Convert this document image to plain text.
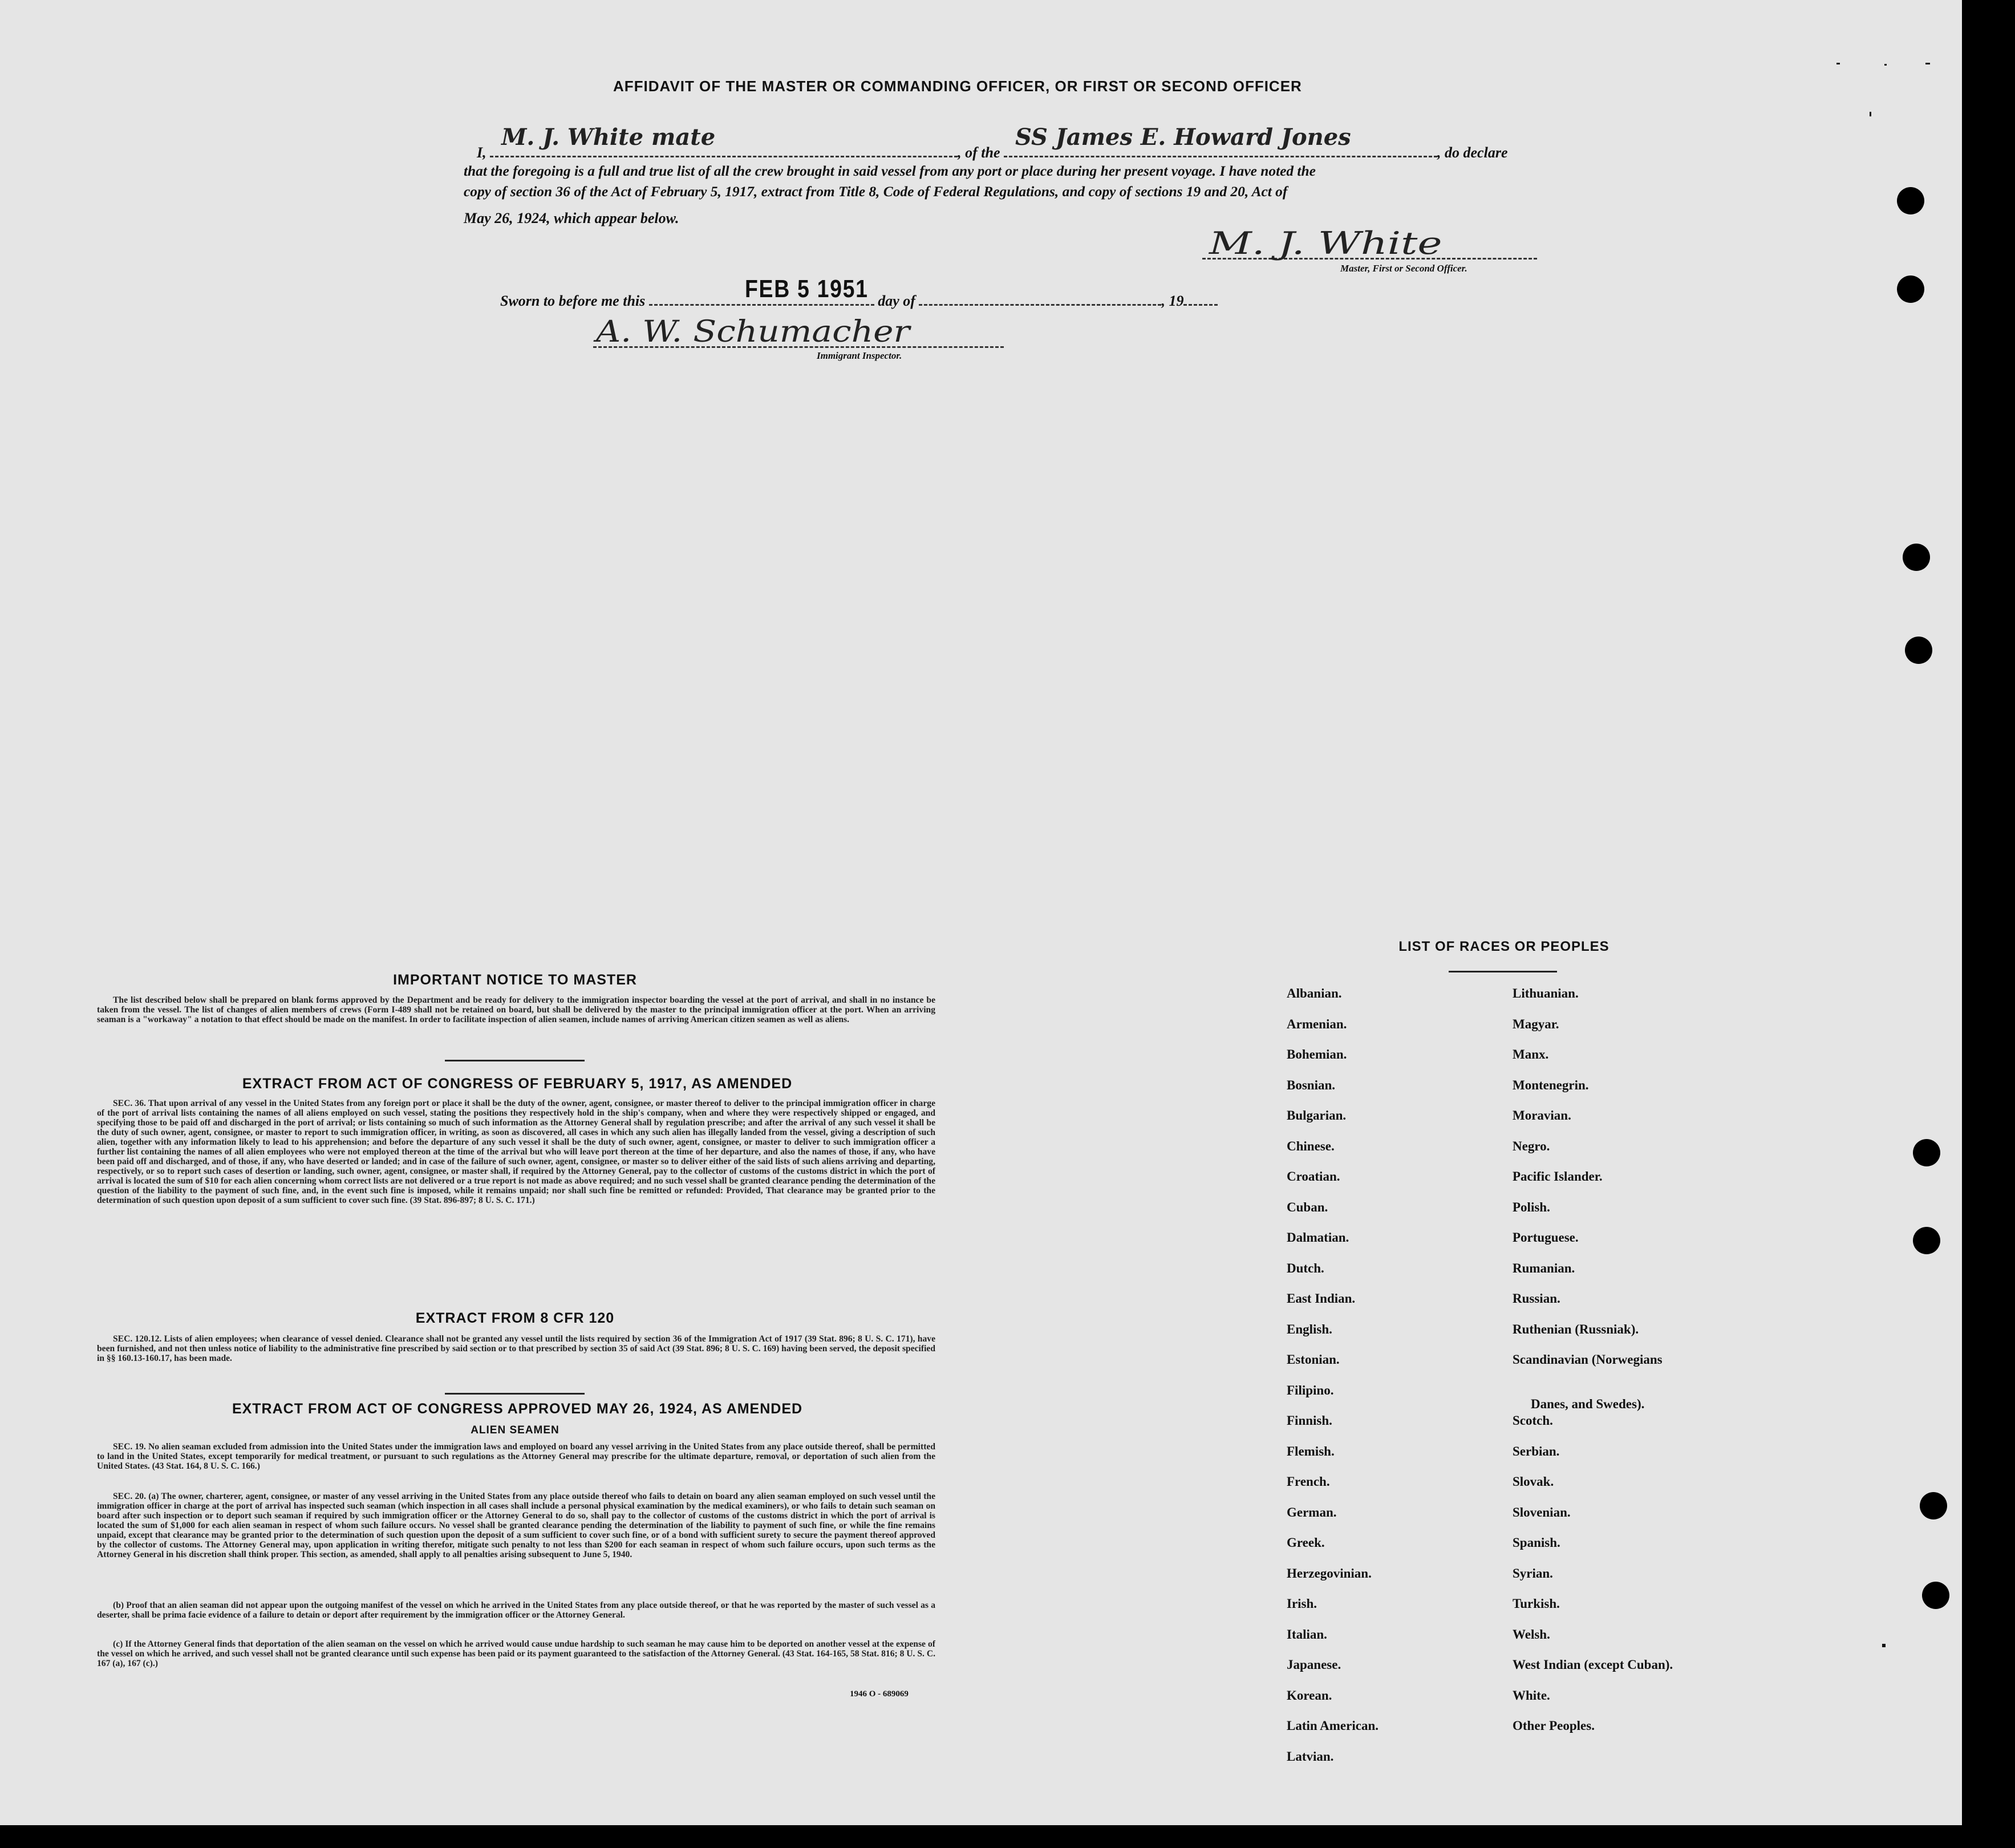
AFFIDAVIT OF THE MASTER OR COMMANDING OFFICER, OR FIRST OR SECOND OFFICER
I,
M. J. White mate
, of the
SS James E. Howard Jones
, do declare
that the foregoing is a full and true list of all the crew brought in said vessel from any port or place during her present voyage. I have noted the
copy of section 36 of the Act of February 5, 1917, extract from Title 8, Code of Federal Regulations, and copy of sections 19 and 20, Act of
May 26, 1924, which appear below.
M. J. White
Master, First or Second Officer.
Sworn to before me this	day of	, 19
FEB 5 1951
A. W. Schumacher
Immigrant Inspector.
IMPORTANT NOTICE TO MASTER
The list described below shall be prepared on blank forms approved by the Department and be ready for delivery to the immigration inspector boarding the vessel at the port of arrival, and shall in no instance be taken from the vessel. The list of changes of alien members of crews (Form I-489 shall not be retained on board, but shall be delivered by the master to the principal immigration officer at the port. When an arriving seaman is a "workaway" a notation to that effect should be made on the manifest. In order to facilitate inspection of alien seamen, include names of arriving American citizen seamen as well as aliens.
EXTRACT FROM ACT OF CONGRESS OF FEBRUARY 5, 1917, AS AMENDED
SEC. 36. That upon arrival of any vessel in the United States from any foreign port or place it shall be the duty of the owner, agent, consignee, or master thereof to deliver to the principal immigration officer in charge of the port of arrival lists containing the names of all aliens employed on such vessel, stating the positions they respectively hold in the ship's company, when and where they were respectively shipped or engaged, and specifying those to be paid off and discharged in the port of arrival; or lists containing so much of such information as the Attorney General shall by regulation prescribe; and after the arrival of any such vessel it shall be the duty of such owner, agent, consignee, or master to report to such immigration officer, in writing, as soon as discovered, all cases in which any such alien has illegally landed from the vessel, giving a description of such alien, together with any information likely to lead to his apprehension; and before the departure of any such vessel it shall be the duty of such owner, agent, consignee, or master to deliver to such immigration officer a further list containing the names of all alien employees who were not employed thereon at the time of the arrival but who will leave port thereon at the time of her departure, and also the names of those, if any, who have been paid off and discharged, and of those, if any, who have deserted or landed; and in case of the failure of such owner, agent, consignee, or master so to deliver either of the said lists of such aliens arriving and departing, respectively, or so to report such cases of desertion or landing, such owner, agent, consignee, or master shall, if required by the Attorney General, pay to the collector of customs of the customs district in which the port of arrival is located the sum of $10 for each alien concerning whom correct lists are not delivered or a true report is not made as above required; and no such vessel shall be granted clearance pending the determination of the question of the liability to the payment of such fine, and, in the event such fine is imposed, while it remains unpaid; nor shall such fine be remitted or refunded: Provided, That clearance may be granted prior to the determination of such question upon deposit of a sum sufficient to cover such fine. (39 Stat. 896-897; 8 U. S. C. 171.)
EXTRACT FROM 8 CFR 120
SEC. 120.12. Lists of alien employees; when clearance of vessel denied. Clearance shall not be granted any vessel until the lists required by section 36 of the Immigration Act of 1917 (39 Stat. 896; 8 U. S. C. 171), have been furnished, and not then unless notice of liability to the administrative fine prescribed by said section or to that prescribed by section 35 of said Act (39 Stat. 896; 8 U. S. C. 169) having been served, the deposit specified in §§ 160.13-160.17, has been made.
EXTRACT FROM ACT OF CONGRESS APPROVED MAY 26, 1924, AS AMENDED
ALIEN SEAMEN
SEC. 19. No alien seaman excluded from admission into the United States under the immigration laws and employed on board any vessel arriving in the United States from any place outside thereof, shall be permitted to land in the United States, except temporarily for medical treatment, or pursuant to such regulations as the Attorney General may prescribe for the ultimate departure, removal, or deportation of such alien from the United States. (43 Stat. 164, 8 U. S. C. 166.)
SEC. 20. (a) The owner, charterer, agent, consignee, or master of any vessel arriving in the United States from any place outside thereof who fails to detain on board any alien seaman employed on such vessel until the immigration officer in charge at the port of arrival has inspected such seaman (which inspection in all cases shall include a personal physical examination by the medical examiners), or who fails to detain such seaman on board after such inspection or to deport such seaman if required by such immigration officer or the Attorney General to do so, shall pay to the collector of customs of the customs district in which the port of arrival is located the sum of $1,000 for each alien seaman in respect of whom such failure occurs. No vessel shall be granted clearance pending the determination of the liability to payment of such fine, or while the fine remains unpaid, except that clearance may be granted prior to the determination of such question upon the deposit of a sum sufficient to cover such fine, or of a bond with sufficient surety to secure the payment thereof approved by the collector of customs. The Attorney General may, upon application in writing therefor, mitigate such penalty to not less than $200 for each seaman in respect of whom such failure occurs, upon such terms as the Attorney General in his discretion shall think proper. This section, as amended, shall apply to all penalties arising subsequent to June 5, 1940.
(b) Proof that an alien seaman did not appear upon the outgoing manifest of the vessel on which he arrived in the United States from any place outside thereof, or that he was reported by the master of such vessel as a deserter, shall be prima facie evidence of a failure to detain or deport after requirement by the immigration officer or the Attorney General.
(c) If the Attorney General finds that deportation of the alien seaman on the vessel on which he arrived would cause undue hardship to such seaman he may cause him to be deported on another vessel at the expense of the vessel on which he arrived, and such vessel shall not be granted clearance until such expense has been paid or its payment guaranteed to the satisfaction of the Attorney General. (43 Stat. 164-165, 58 Stat. 816; 8 U. S. C. 167 (a), 167 (c).)
1946 O - 689069
LIST OF RACES OR PEOPLES
Albanian.
Armenian.
Bohemian.
Bosnian.
Bulgarian.
Chinese.
Croatian.
Cuban.
Dalmatian.
Dutch.
East Indian.
English.
Estonian.
Filipino.
Finnish.
Flemish.
French.
German.
Greek.
Herzegovinian.
Irish.
Italian.
Japanese.
Korean.
Latin American.
Latvian.
Lithuanian.
Magyar.
Manx.
Montenegrin.
Moravian.
Negro.
Pacific Islander.
Polish.
Portuguese.
Rumanian.
Russian.
Ruthenian (Russniak).
Scandinavian (Norwegians
Danes, and Swedes).
Scotch.
Serbian.
Slovak.
Slovenian.
Spanish.
Syrian.
Turkish.
Welsh.
West Indian (except Cuban).
White.
Other Peoples.
